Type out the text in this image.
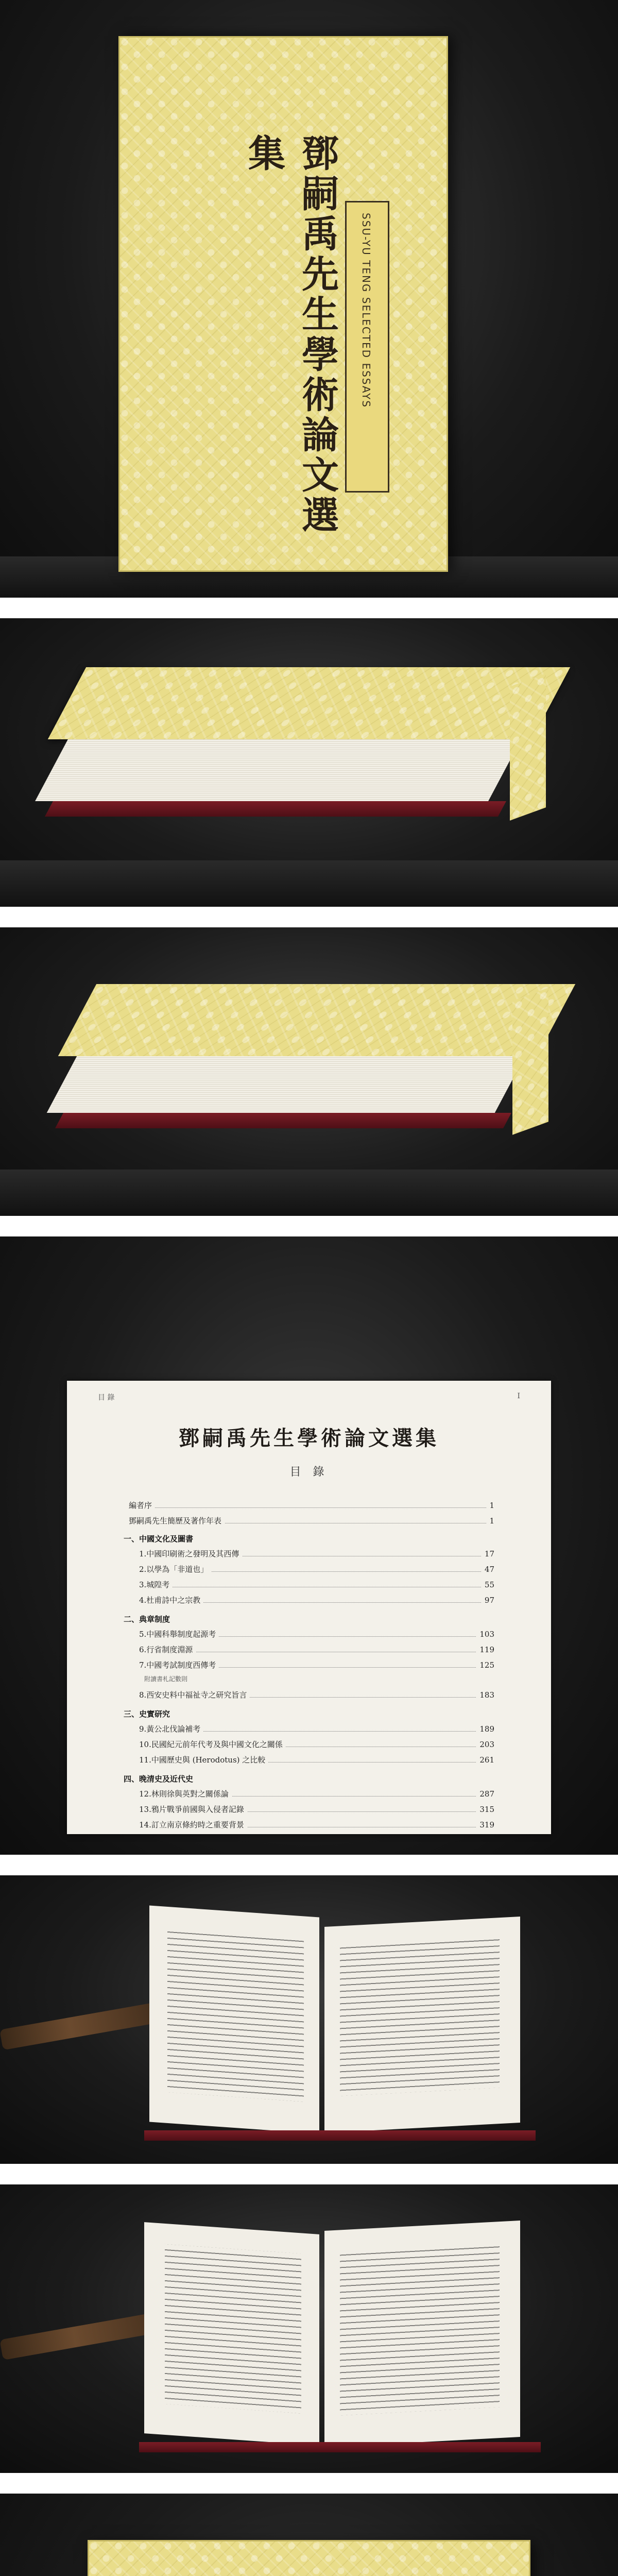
鄧嗣禹先生學術論文選集
SSU-YU TENG SELECTED ESSAYS
目 錄	I
鄧嗣禹先生學術論文選集
目 錄
編者序	1
鄧嗣禹先生簡歷及著作年表	1
一、中國文化及圖書
1.中國印刷術之發明及其西傳	17
2.以學為「非道也」	47
3.城隍考	55
4.杜甫詩中之宗教	97
二、典章制度
5.中國科舉制度起源考	103
6.行省制度淵源	119
7.中國考試制度西傳考	125
附讀書札記數則
8.西安史料中福祉寺之研究旨言	183
三、史實研究
9.黃公北伐論補考	189
10.民國紀元前年代考及與中國文化之關係	203
11.中國歷史與 (Herodotus) 之比較	261
四、晚清史及近代史
12.林則徐與英對之關係論	287
13.鴉片戰爭前國與入侵者記錄	315
14.訂立南京條約時之重要背景	319
